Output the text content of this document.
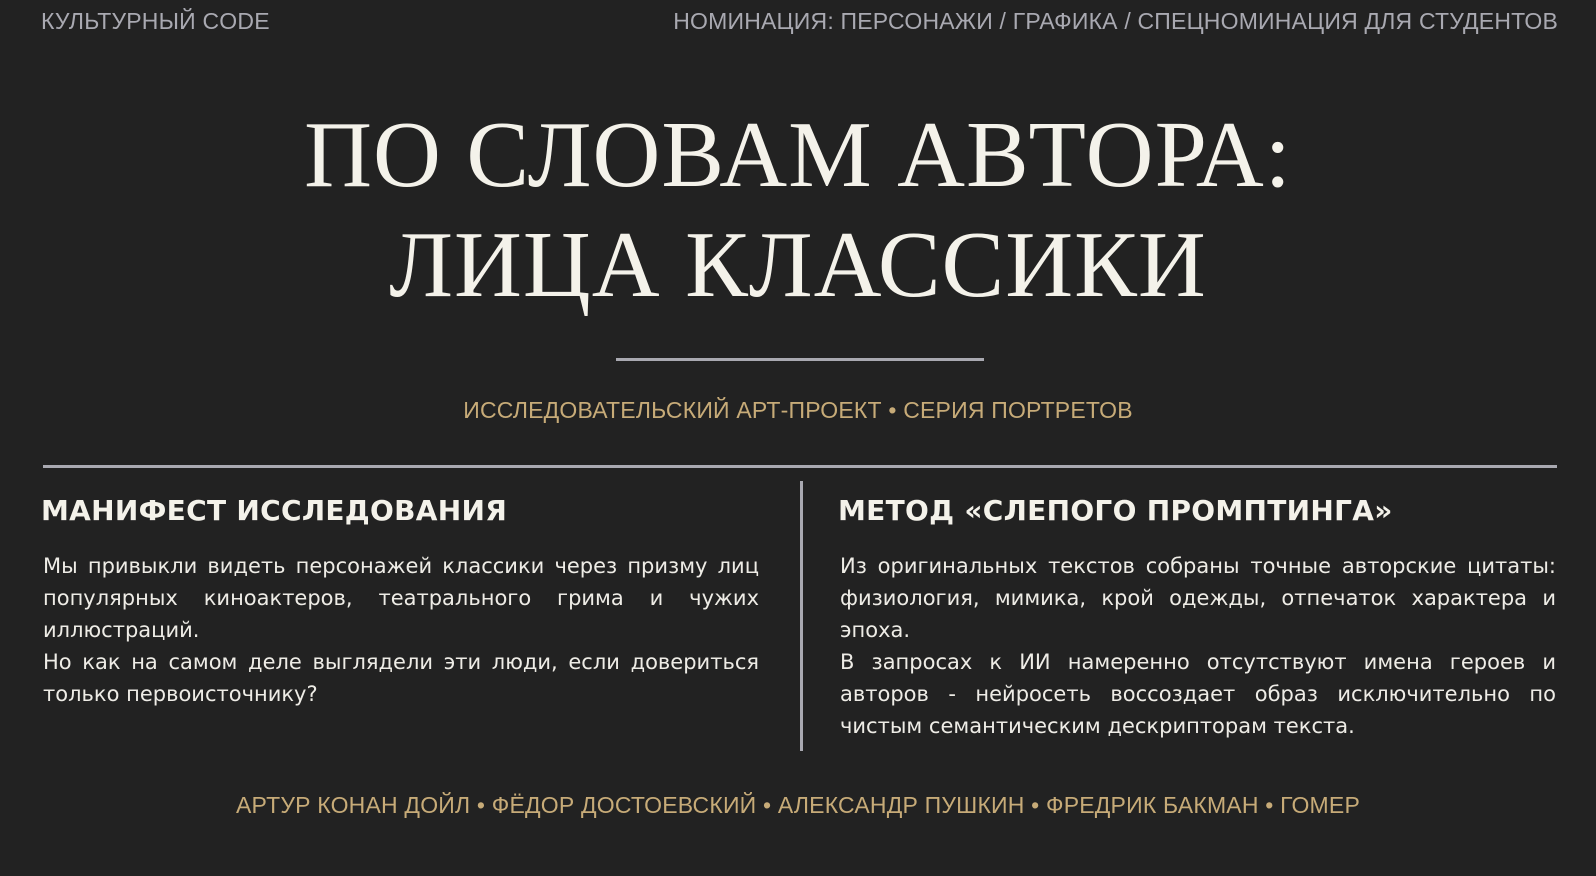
КУЛЬТУРНЫЙ CODE	НОМИНАЦИЯ: ПЕРСОНАЖИ / ГРАФИКА / СПЕЦНОМИНАЦИЯ ДЛЯ СТУДЕНТОВ
ПО СЛОВАМ АВТОРА:
ЛИЦА КЛАССИКИ
ИССЛЕДОВАТЕЛЬСКИЙ АРТ-ПРОЕКТ • СЕРИЯ ПОРТРЕТОВ
МАНИФЕСТ ИССЛЕДОВАНИЯ

Мы привыкли видеть персонажей классики через призму лиц популярных киноактеров, театрального грима и чужих иллюстраций.

Но как на самом деле выглядели эти люди, если довериться только первоисточнику?

МЕТОД «СЛЕПОГО ПРОМПТИНГА»

Из оригинальных текстов собраны точные авторские цитаты: физиология, мимика, крой одежды, отпечаток характера и эпоха.

В запросах к ИИ намеренно отсутствуют имена героев и авторов - нейросеть воссоздает образ исключительно по чистым семантическим дескрипторам текста.

АРТУР КОНАН ДОЙЛ • ФЁДОР ДОСТОЕВСКИЙ • АЛЕКСАНДР ПУШКИН • ФРЕДРИК БАКМАН • ГОМЕР
